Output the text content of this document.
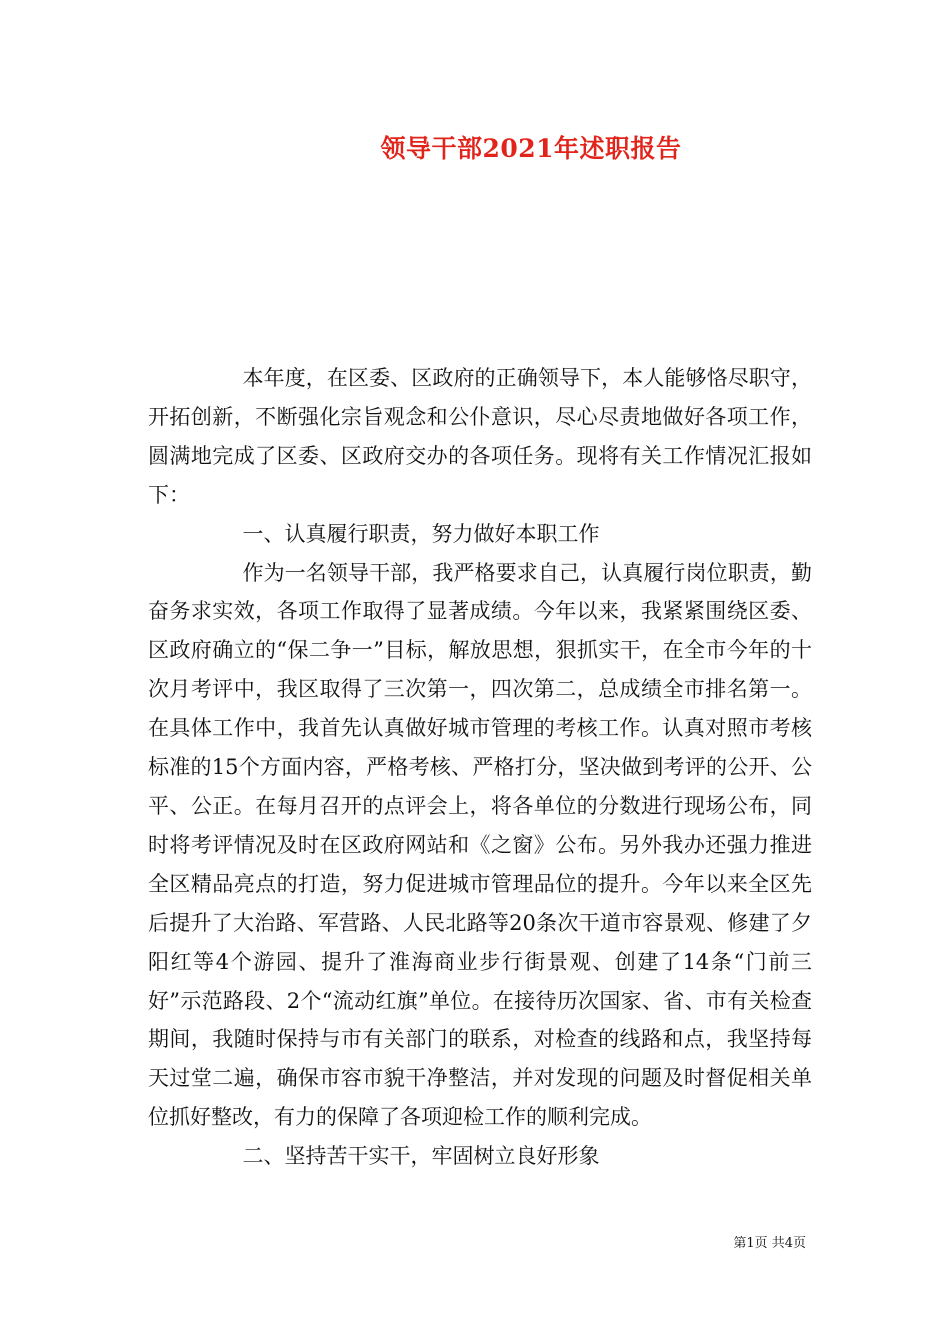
领导干部2021年述职报告

本年度，在区委、区政府的正确领导下，本人能够恪尽职守，开拓创新，不断强化宗旨观念和公仆意识，尽心尽责地做好各项工作，圆满地完成了区委、区政府交办的各项任务。现将有关工作情况汇报如下：

一、认真履行职责，努力做好本职工作

作为一名领导干部，我严格要求自己，认真履行岗位职责，勤奋务求实效，各项工作取得了显著成绩。今年以来，我紧紧围绕区委、区政府确立的“保二争一”目标，解放思想，狠抓实干，在全市今年的十次月考评中，我区取得了三次第一，四次第二，总成绩全市排名第一。在具体工作中，我首先认真做好城市管理的考核工作。认真对照市考核标准的15个方面内容，严格考核、严格打分，坚决做到考评的公开、公平、公正。在每月召开的点评会上，将各单位的分数进行现场公布，同时将考评情况及时在区政府网站和《之窗》公布。另外我办还强力推进全区精品亮点的打造，努力促进城市管理品位的提升。今年以来全区先后提升了大治路、军营路、人民北路等20条次干道市容景观、修建了夕阳红等4个游园、提升了淮海商业步行街景观、创建了14条“门前三好”示范路段、2个“流动红旗”单位。在接待历次国家、省、市有关检查期间，我随时保持与市有关部门的联系，对检查的线路和点，我坚持每天过堂二遍，确保市容市貌干净整洁，并对发现的问题及时督促相关单位抓好整改，有力的保障了各项迎检工作的顺利完成。

二、坚持苦干实干，牢固树立良好形象

第1页 共4页
